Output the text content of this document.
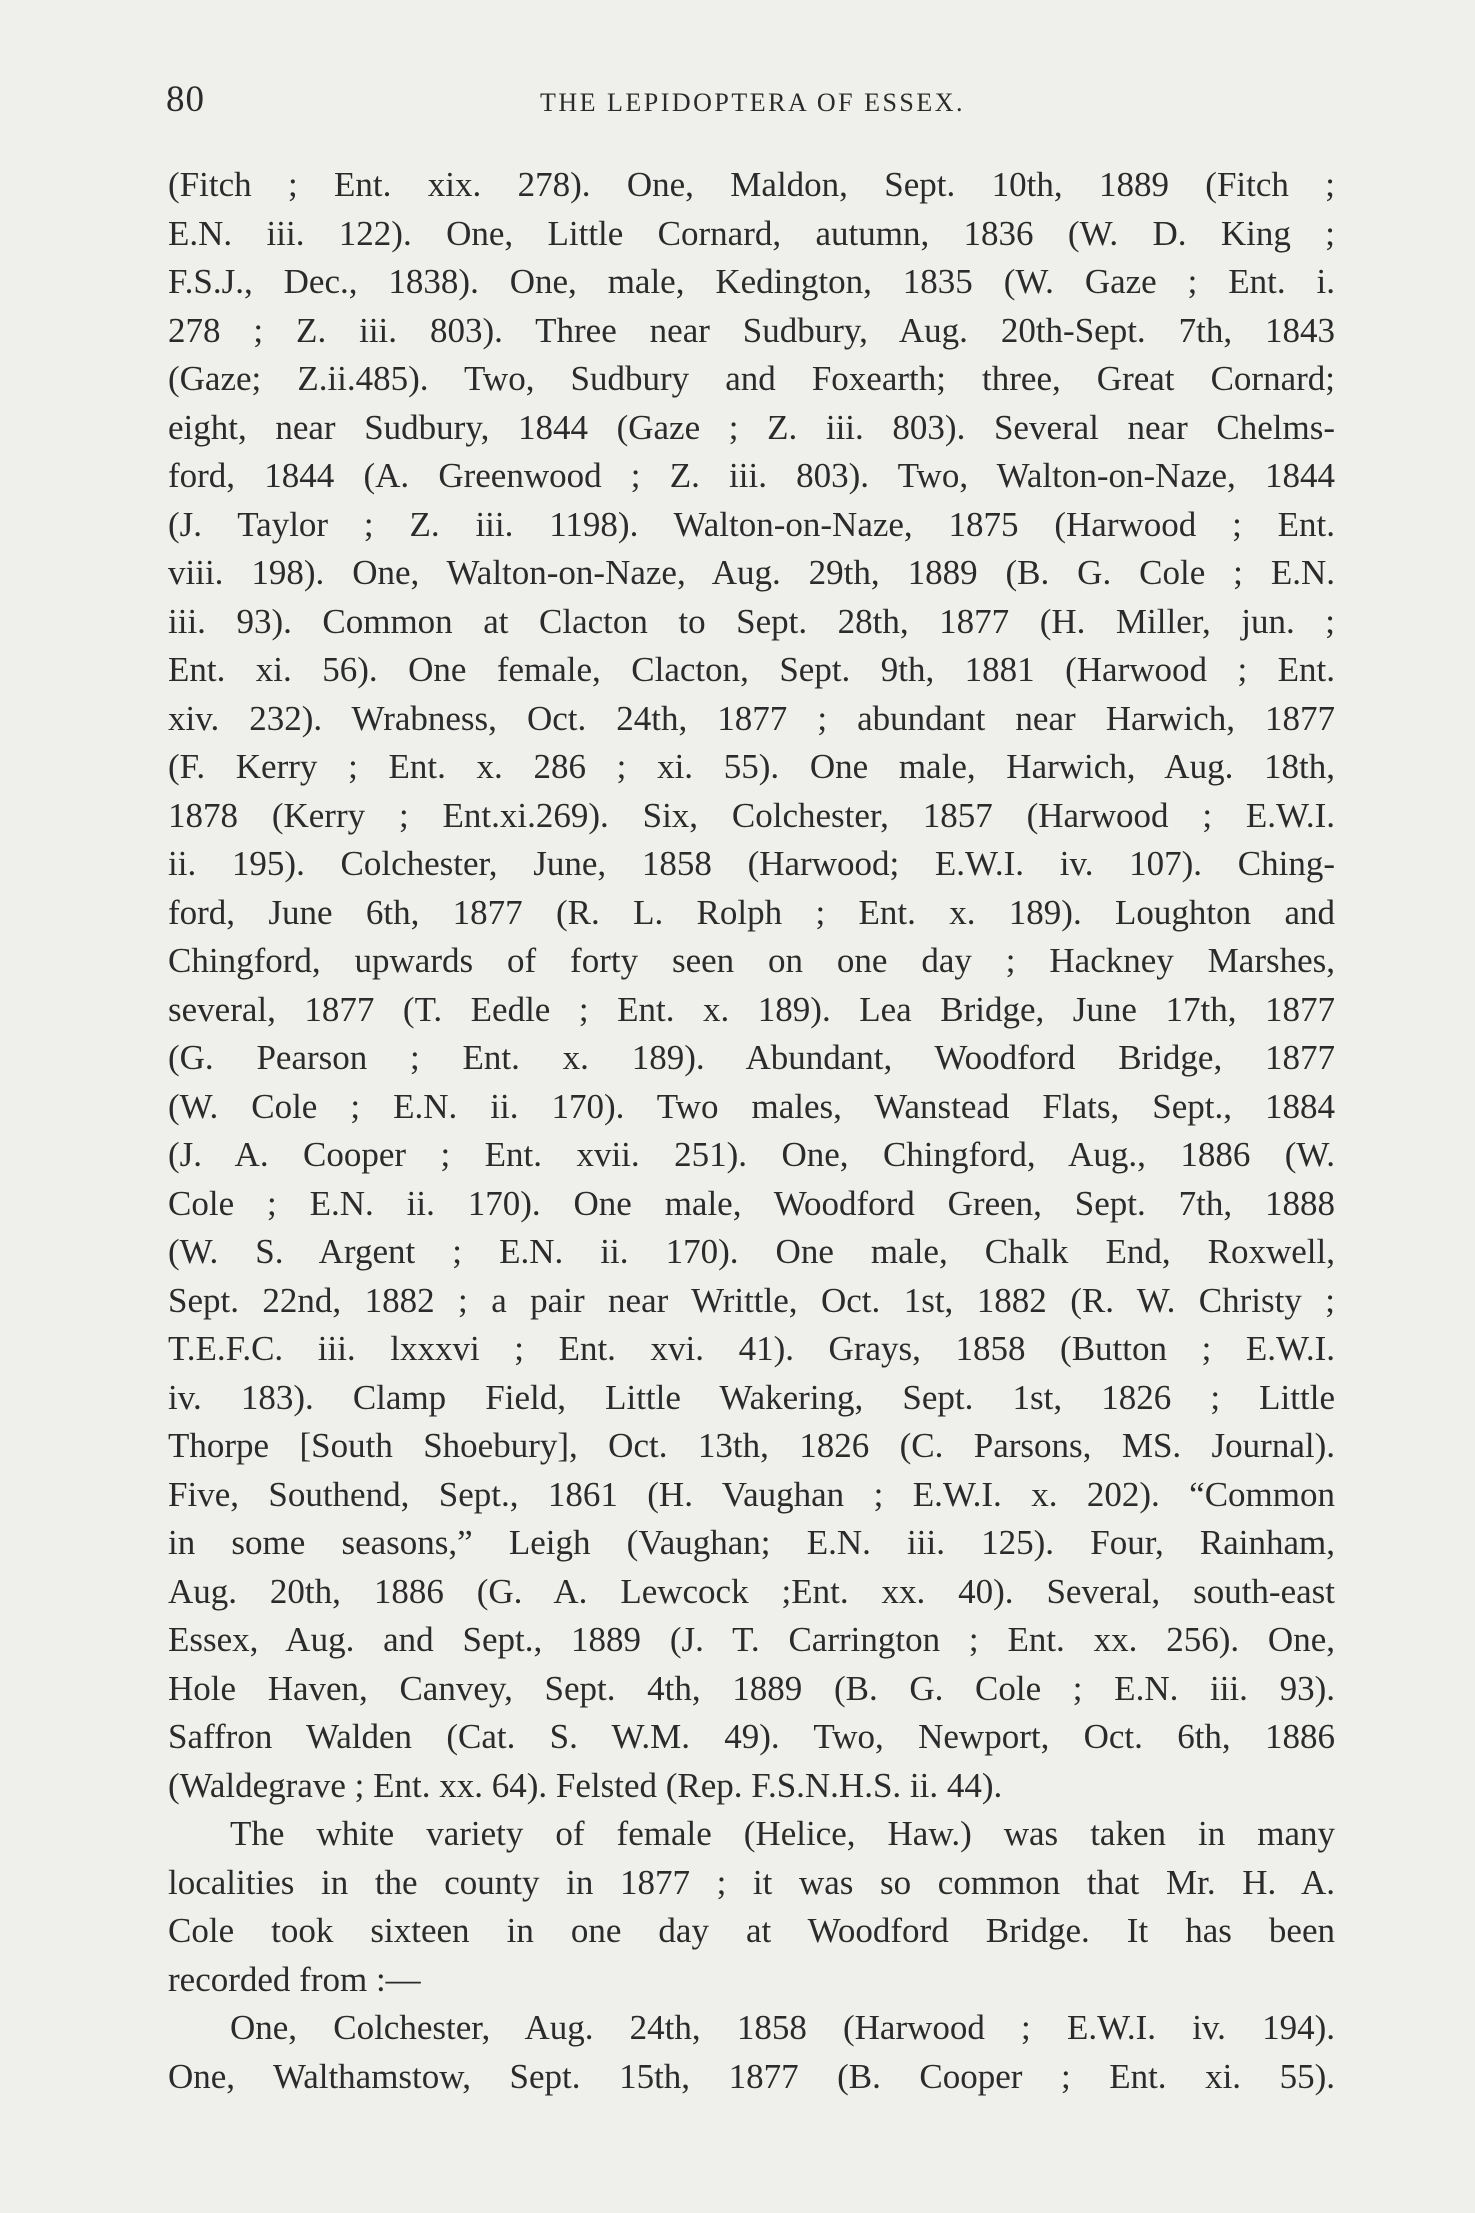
80	THE LEPIDOPTERA OF ESSEX.
(Fitch ; Ent. xix. 278). One, Maldon, Sept. 10th, 1889 (Fitch ;
E.N. iii. 122). One, Little Cornard, autumn, 1836 (W. D. King ;
F.S.J., Dec., 1838). One, male, Kedington, 1835 (W. Gaze ; Ent. i.
278 ; Z. iii. 803). Three near Sudbury, Aug. 20th-Sept. 7th, 1843
(Gaze; Z.ii.485). Two, Sudbury and Foxearth; three, Great Cornard;
eight, near Sudbury, 1844 (Gaze ; Z. iii. 803). Several near Chelms-
ford, 1844 (A. Greenwood ; Z. iii. 803). Two, Walton-on-Naze, 1844
(J. Taylor ; Z. iii. 1198). Walton-on-Naze, 1875 (Harwood ; Ent.
viii. 198). One, Walton-on-Naze, Aug. 29th, 1889 (B. G. Cole ; E.N.
iii. 93). Common at Clacton to Sept. 28th, 1877 (H. Miller, jun. ;
Ent. xi. 56). One female, Clacton, Sept. 9th, 1881 (Harwood ; Ent.
xiv. 232). Wrabness, Oct. 24th, 1877 ; abundant near Harwich, 1877
(F. Kerry ; Ent. x. 286 ; xi. 55). One male, Harwich, Aug. 18th,
1878 (Kerry ; Ent.xi.269). Six, Colchester, 1857 (Harwood ; E.W.I.
ii. 195). Colchester, June, 1858 (Harwood; E.W.I. iv. 107). Ching-
ford, June 6th, 1877 (R. L. Rolph ; Ent. x. 189). Loughton and
Chingford, upwards of forty seen on one day ; Hackney Marshes,
several, 1877 (T. Eedle ; Ent. x. 189). Lea Bridge, June 17th, 1877
(G. Pearson ; Ent. x. 189). Abundant, Woodford Bridge, 1877
(W. Cole ; E.N. ii. 170). Two males, Wanstead Flats, Sept., 1884
(J. A. Cooper ; Ent. xvii. 251). One, Chingford, Aug., 1886 (W.
Cole ; E.N. ii. 170). One male, Woodford Green, Sept. 7th, 1888
(W. S. Argent ; E.N. ii. 170). One male, Chalk End, Roxwell,
Sept. 22nd, 1882 ; a pair near Writtle, Oct. 1st, 1882 (R. W. Christy ;
T.E.F.C. iii. lxxxvi ; Ent. xvi. 41). Grays, 1858 (Button ; E.W.I.
iv. 183). Clamp Field, Little Wakering, Sept. 1st, 1826 ; Little
Thorpe [South Shoebury], Oct. 13th, 1826 (C. Parsons, MS. Journal).
Five, Southend, Sept., 1861 (H. Vaughan ; E.W.I. x. 202). “Common
in some seasons,” Leigh (Vaughan; E.N. iii. 125). Four, Rainham,
Aug. 20th, 1886 (G. A. Lewcock ;Ent. xx. 40). Several, south-east
Essex, Aug. and Sept., 1889 (J. T. Carrington ; Ent. xx. 256). One,
Hole Haven, Canvey, Sept. 4th, 1889 (B. G. Cole ; E.N. iii. 93).
Saffron Walden (Cat. S. W.M. 49). Two, Newport, Oct. 6th, 1886
(Waldegrave ; Ent. xx. 64). Felsted (Rep. F.S.N.H.S. ii. 44).
The white variety of female (Helice, Haw.) was taken in many
localities in the county in 1877 ; it was so common that Mr. H. A.
Cole took sixteen in one day at Woodford Bridge. It has been
recorded from :—
One, Colchester, Aug. 24th, 1858 (Harwood ; E.W.I. iv. 194).
One, Walthamstow, Sept. 15th, 1877 (B. Cooper ; Ent. xi. 55).
